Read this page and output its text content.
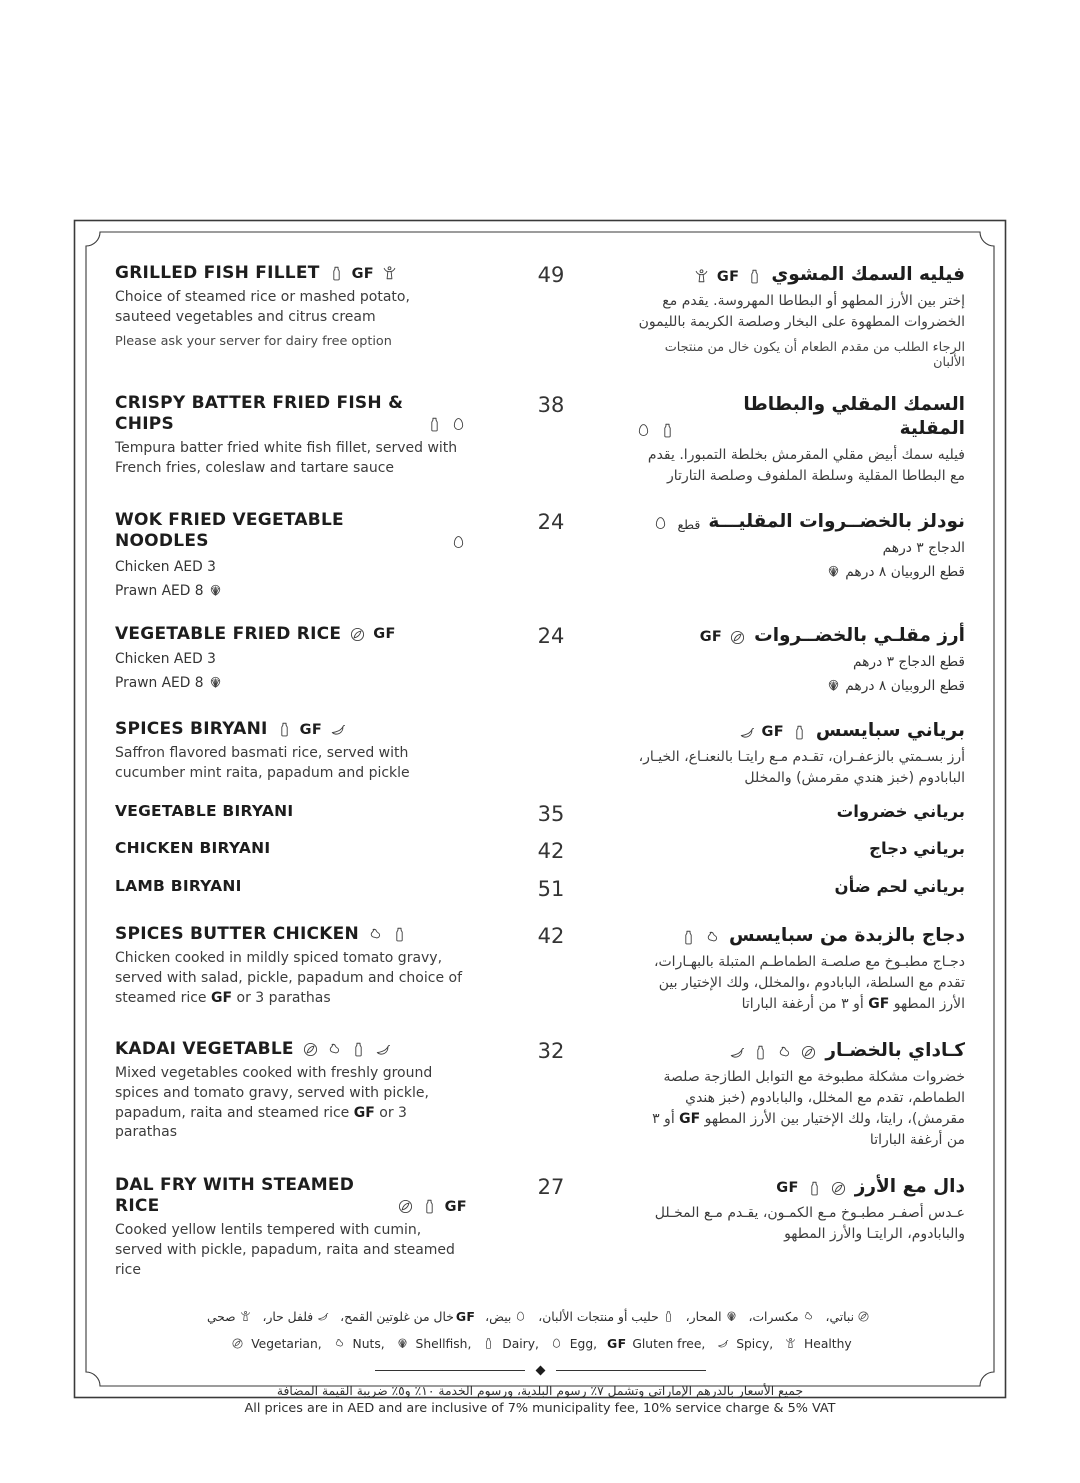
GRILLED FISH FILLET GF
Choice of steamed rice or mashed potato, sauteed vegetables and citrus cream
Please ask your server for dairy free option
49	فيليه السمك المشوي
GF
إختر بين الأرز المطهو أو البطاطا المهروسة. يقدم مع الخضروات المطهوة على البخار وصلصة الكريمة بالليمون
الرجاء الطلب من مقدم الطعام أن يكون خال من منتجات الألبان
CRISPY BATTER FRIED FISH & CHIPS
Tempura batter fried white fish fillet, served with French fries, coleslaw and tartare sauce
38	السمك المقلي والبطاطا المقلية
فيليه سمك أبيض مقلي المقرمش بخلطة التمبورا. يقدم مع البطاطا المقلية وسلطة الملفوف وصلصة التارتار
WOK FRIED VEGETABLE NOODLES
Chicken AED 3
Prawn AED 8
24	نودلز بالخضــروات المقليـــة
قطع
الدجاج ٣ درهم
قطع الروبيان ٨ درهم
VEGETABLE FRIED RICE GF
Chicken AED 3
Prawn AED 8
24	أرز مقلـي بالخضــروات
GF
قطع الدجاج ٣ درهم
قطع الروبيان ٨ درهم
SPICES BIRYANI GF
Saffron flavored basmati rice, served with cucumber mint raita, papadum and pickle
برياني سبايسس
GF
أرز بسـمتي بالزعفـران، تقـدم مـع رايتـا بالنعنـاع، الخيـار، البابادوم (خبز هندي مقرمش) والمخلل
VEGETABLE BIRYANI	35	برياني خضروات
CHICKEN BIRYANI	42	برياني دجاج
LAMB BIRYANI	51	برياني لحم ضأن
SPICES BUTTER CHICKEN
Chicken cooked in mildly spiced tomato gravy, served with salad, pickle, papadum and choice of steamed rice GF or 3 parathas
42	دجاج بالزبدة من سبايسس
دجـاج مطبـوخ مع صلصـة الطماطـم المتبلة بالبهـارات، تقدم مع السلطة، البابادوم ،والمخلل، ولك الإختيار بين الأرز المطهو GF أو ٣ من أرغفة الباراتا
KADAI VEGETABLE
Mixed vegetables cooked with freshly ground spices and tomato gravy, served with pickle, papadum, raita and steamed rice GF or 3 parathas
32	كـاداي بالخضـار
خضروات مشكلة مطبوخة مع التوابل الطازجة صلصة الطماطم، تقدم مع المخلل، والبابادوم (خبز هندي مقرمش)، رايتا، ولك الإختيار بين الأرز المطهو GF أو ٣ من أرغفة الباراتا
DAL FRY WITH STEAMED RICE	GF
Cooked yellow lentils tempered with cumin, served with pickle, papadum, raita and steamed rice
27	دال مع الأرز
GF
عـدس أصفـر مطبـوخ مـع الكمـون، يقـدم مـع المخـلل والبابادوم، الرايتـا والأرز المطهو
نباتي، مكسرات، المحار، حليب أو منتجات الألبان، بيض، GFخال من غلوتين القمح، فلفل حار، صحي
Vegetarian,	Nuts,	Shellfish,	Dairy,	Egg, GF Gluten free,	Spicy,	Healthy
جميع الأسعار بالدرهم الإماراتي وتشمل ٧٪ رسوم البلدية، ورسوم الخدمة ١٠٪ و٥٪ ضريبة القيمة المضافة
All prices are in AED and are inclusive of 7% municipality fee, 10% service charge & 5% VAT
